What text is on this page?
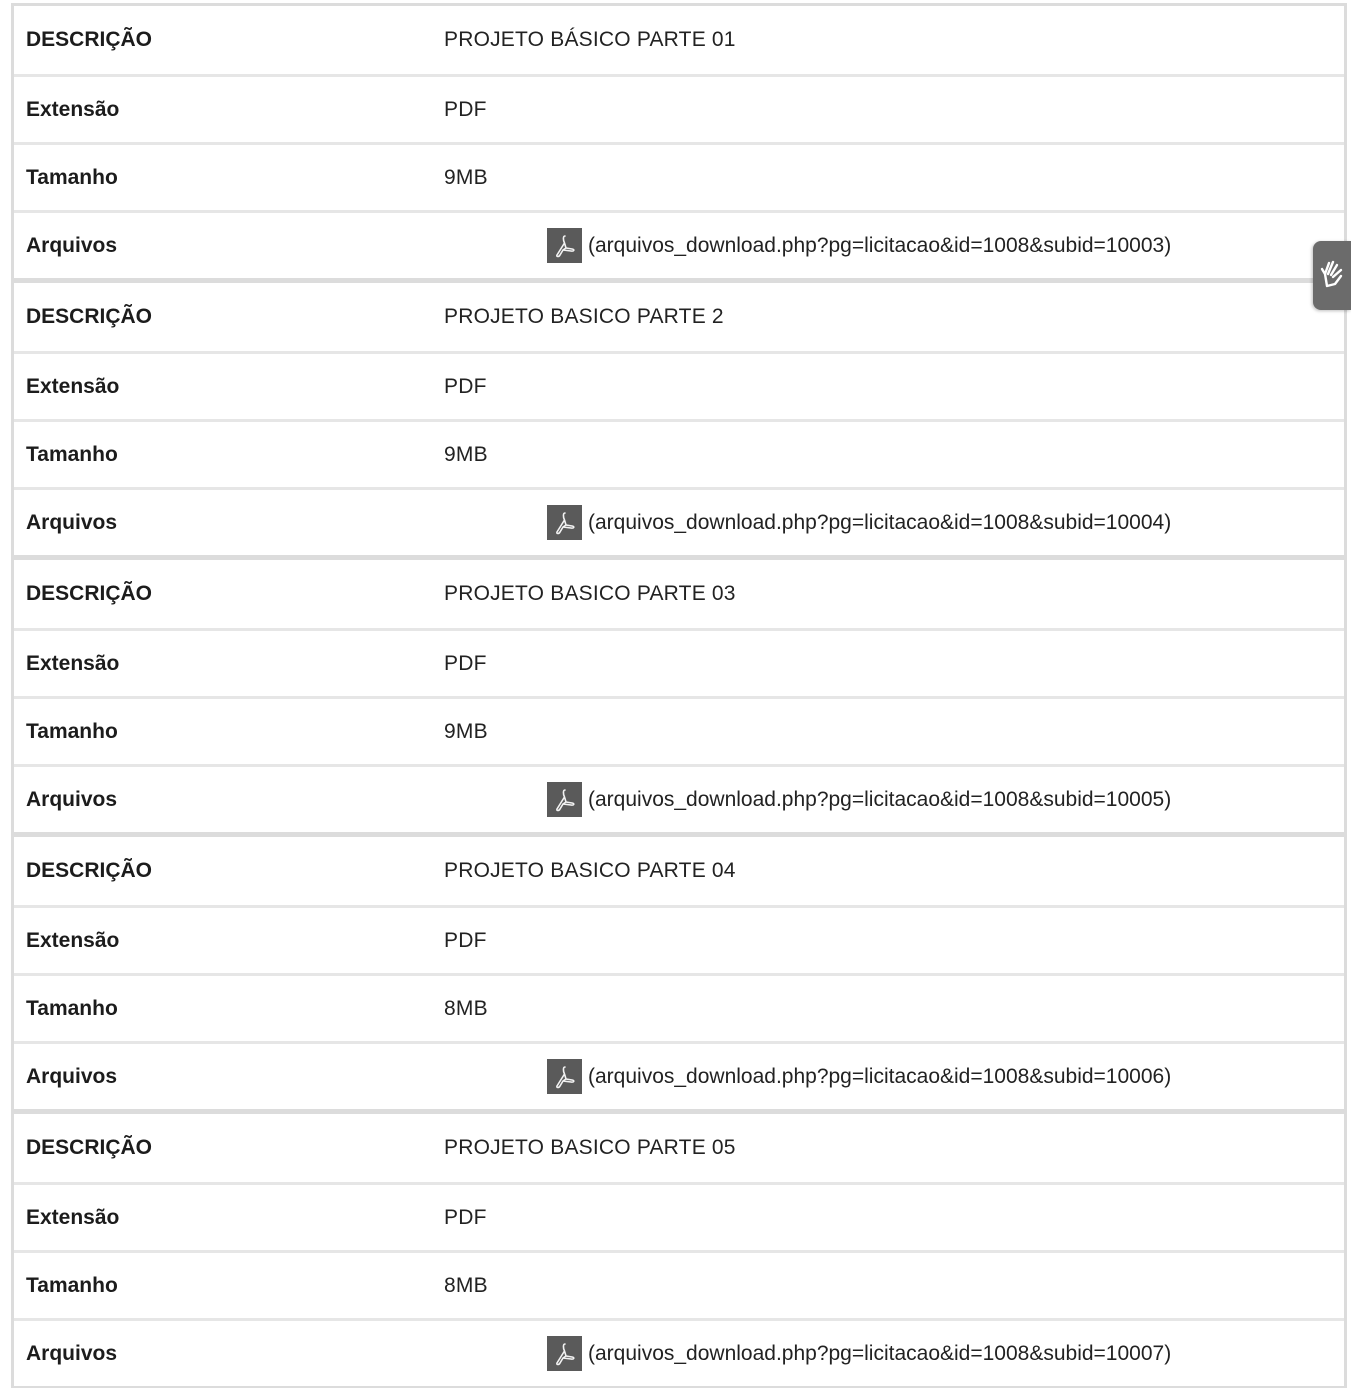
DESCRIÇÃO	PROJETO BÁSICO PARTE 01
Extensão	PDF
Tamanho	9MB
Arquivos	(arquivos_download.php?pg=licitacao&id=1008&subid=10003)
DESCRIÇÃO	PROJETO BASICO PARTE 2
Extensão	PDF
Tamanho	9MB
Arquivos	(arquivos_download.php?pg=licitacao&id=1008&subid=10004)
DESCRIÇÃO	PROJETO BASICO PARTE 03
Extensão	PDF
Tamanho	9MB
Arquivos	(arquivos_download.php?pg=licitacao&id=1008&subid=10005)
DESCRIÇÃO	PROJETO BASICO PARTE 04
Extensão	PDF
Tamanho	8MB
Arquivos	(arquivos_download.php?pg=licitacao&id=1008&subid=10006)
DESCRIÇÃO	PROJETO BASICO PARTE 05
Extensão	PDF
Tamanho	8MB
Arquivos	(arquivos_download.php?pg=licitacao&id=1008&subid=10007)
